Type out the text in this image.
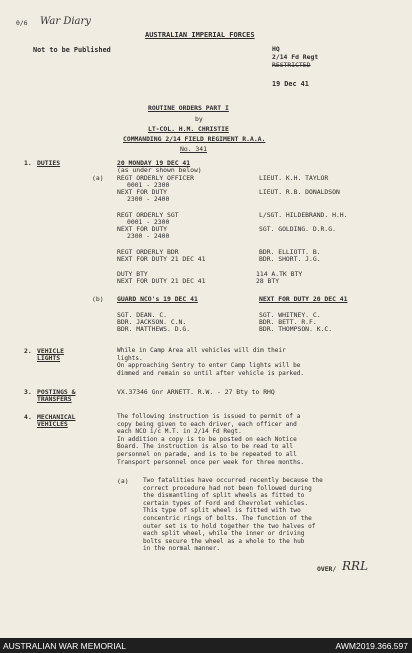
0/6 War Diary
AUSTRALIAN IMPERIAL FORCES
Not to be Published	HQ
2/14 Fd Regt
RESTRICTED
19 Dec 41
ROUTINE ORDERS PART I
by
LT-COL. H.M. CHRISTIE
COMMANDING 2/14 FIELD REGIMENT R.A.A.
No. 341
1. DUTIES	20 MONDAY 19 DEC 41
(as under shown below)
(a) REGT ORDERLY OFFICER	LIEUT. K.H. TAYLOR
0001 - 2300
NEXT FOR DUTY	LIEUT. R.B. DONALDSON
2300 - 2400
REGT ORDERLY SGT	L/SGT. HILDEBRAND. H.H.
0001 - 2300
NEXT FOR DUTY	SGT. GOLDING. D.R.G.
2300 - 2400
REGT ORDERLY BDR	BDR. ELLIOTT. B.
NEXT FOR DUTY 21 DEC 41	BDR. SHORT. J.G.
DUTY BTY	114 A.TK BTY
NEXT FOR DUTY 21 DEC 41	28 BTY
(b) GUARD NCO's 19 DEC 41	NEXT FOR DUTY 20 DEC 41
SGT. DEAN. C.	SGT. WHITNEY. C.
BDR. JACKSON. C.N.	BDR. BETT. R.F.
BDR. MATTHEWS. D.G.	BDR. THOMPSON. K.C.
2. VEHICLE
LIGHTS
While in Camp Area all vehicles will dim their
lights.
On approaching Sentry to enter Camp lights will be
dimmed and remain so until after vehicle is parked.
3. POSTINGS &
TRANSFERS
VX.37346 Gnr ARNETT. R.W. - 27 Bty to RHQ
4. MECHANICAL
VEHICLES
The following instruction is issued to permit of a
copy being given to each driver, each officer and
each NCO i/c M.T. in 2/14 Fd Regt.
In addition a copy is to be posted on each Notice
Board. The instruction is also to be read to all
personnel on parade, and is to be repeated to all
Transport personnel once per week for three months.
(a) Two fatalities have occurred recently because the
correct procedure had not been followed during
the dismantling of split wheels as fitted to
certain types of Ford and Chevrolet vehicles.
This type of split wheel is fitted with two
concentric rings of bolts. The function of the
outer set is to hold together the two halves of
each split wheel, while the inner or driving
bolts secure the wheel as a whole to the hub
in the normal manner.
OVER/ RRL
AUSTRALIAN WAR MEMORIAL	AWM2019.366.597
